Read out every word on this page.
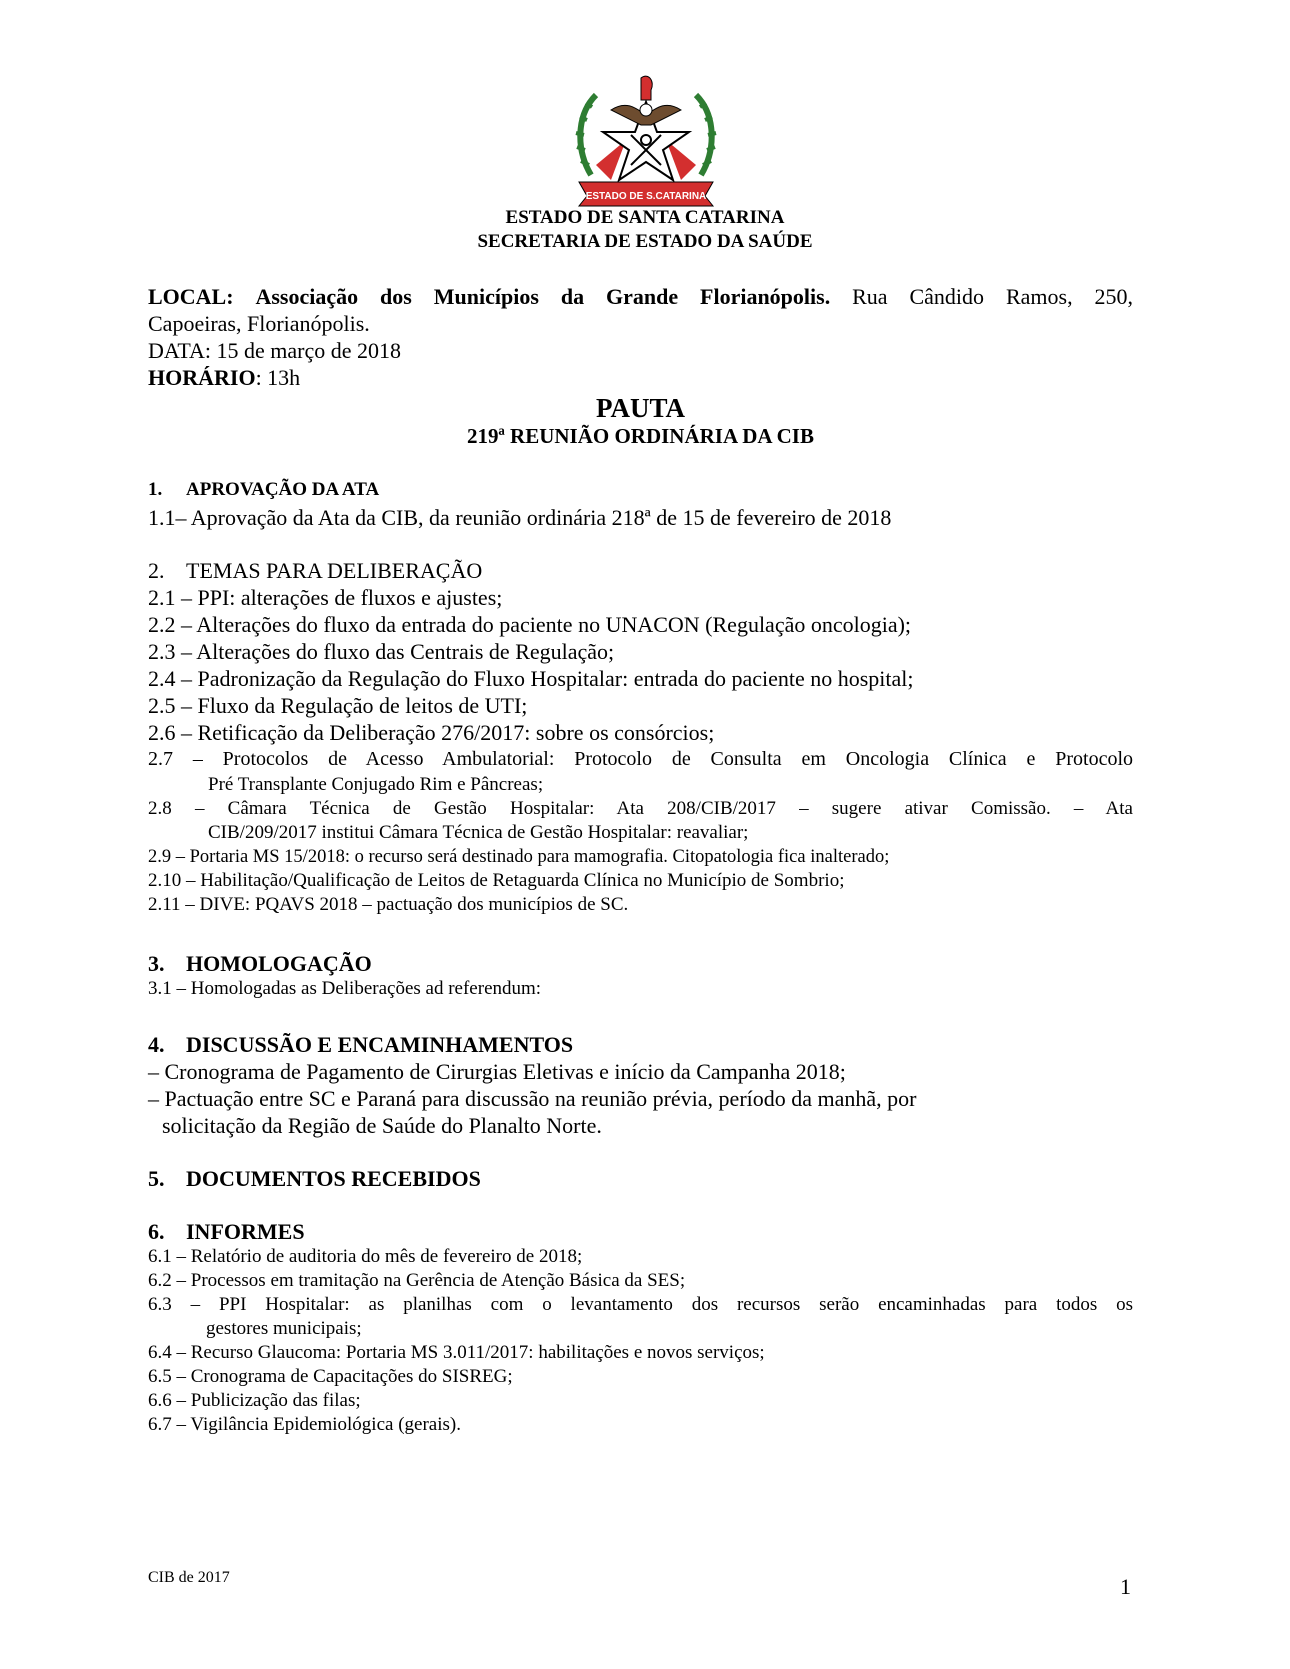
ESTADO DE S.CATARINA
ESTADO DE SANTA CATARINA
SECRETARIA DE ESTADO DA SAÚDE
LOCAL: Associação dos Municípios da Grande Florianópolis. Rua Cândido Ramos, 250,
Capoeiras, Florianópolis.
DATA: 15 de março de 2018
HORÁRIO: 13h
PAUTA
219ª REUNIÃO ORDINÁRIA DA CIB
1. APROVAÇÃO DA ATA
1.1– Aprovação da Ata da CIB, da reunião ordinária 218ª de 15 de fevereiro de 2018
2. TEMAS PARA DELIBERAÇÃO
2.1 – PPI: alterações de fluxos e ajustes;
2.2 – Alterações do fluxo da entrada do paciente no UNACON (Regulação oncologia);
2.3 – Alterações do fluxo das Centrais de Regulação;
2.4 – Padronização da Regulação do Fluxo Hospitalar: entrada do paciente no hospital;
2.5 – Fluxo da Regulação de leitos de UTI;
2.6 – Retificação da Deliberação 276/2017: sobre os consórcios;
2.7 – Protocolos de Acesso Ambulatorial: Protocolo de Consulta em Oncologia Clínica e Protocolo
Pré Transplante Conjugado Rim e Pâncreas;
2.8 – Câmara Técnica de Gestão Hospitalar: Ata 208/CIB/2017 – sugere ativar Comissão. – Ata
CIB/209/2017 institui Câmara Técnica de Gestão Hospitalar: reavaliar;
2.9 – Portaria MS 15/2018: o recurso será destinado para mamografia. Citopatologia fica inalterado;
2.10 – Habilitação/Qualificação de Leitos de Retaguarda Clínica no Município de Sombrio;
2.11 – DIVE: PQAVS 2018 – pactuação dos municípios de SC.
3. HOMOLOGAÇÃO
3.1 – Homologadas as Deliberações ad referendum:
4. DISCUSSÃO E ENCAMINHAMENTOS
– Cronograma de Pagamento de Cirurgias Eletivas e início da Campanha 2018;
– Pactuação entre SC e Paraná para discussão na reunião prévia, período da manhã, por
solicitação da Região de Saúde do Planalto Norte.
5. DOCUMENTOS RECEBIDOS
6. INFORMES
6.1 – Relatório de auditoria do mês de fevereiro de 2018;
6.2 – Processos em tramitação na Gerência de Atenção Básica da SES;
6.3 – PPI Hospitalar: as planilhas com o levantamento dos recursos serão encaminhadas para todos os
gestores municipais;
6.4 – Recurso Glaucoma: Portaria MS 3.011/2017: habilitações e novos serviços;
6.5 – Cronograma de Capacitações do SISREG;
6.6 – Publicização das filas;
6.7 – Vigilância Epidemiológica (gerais).
CIB de 2017	1
